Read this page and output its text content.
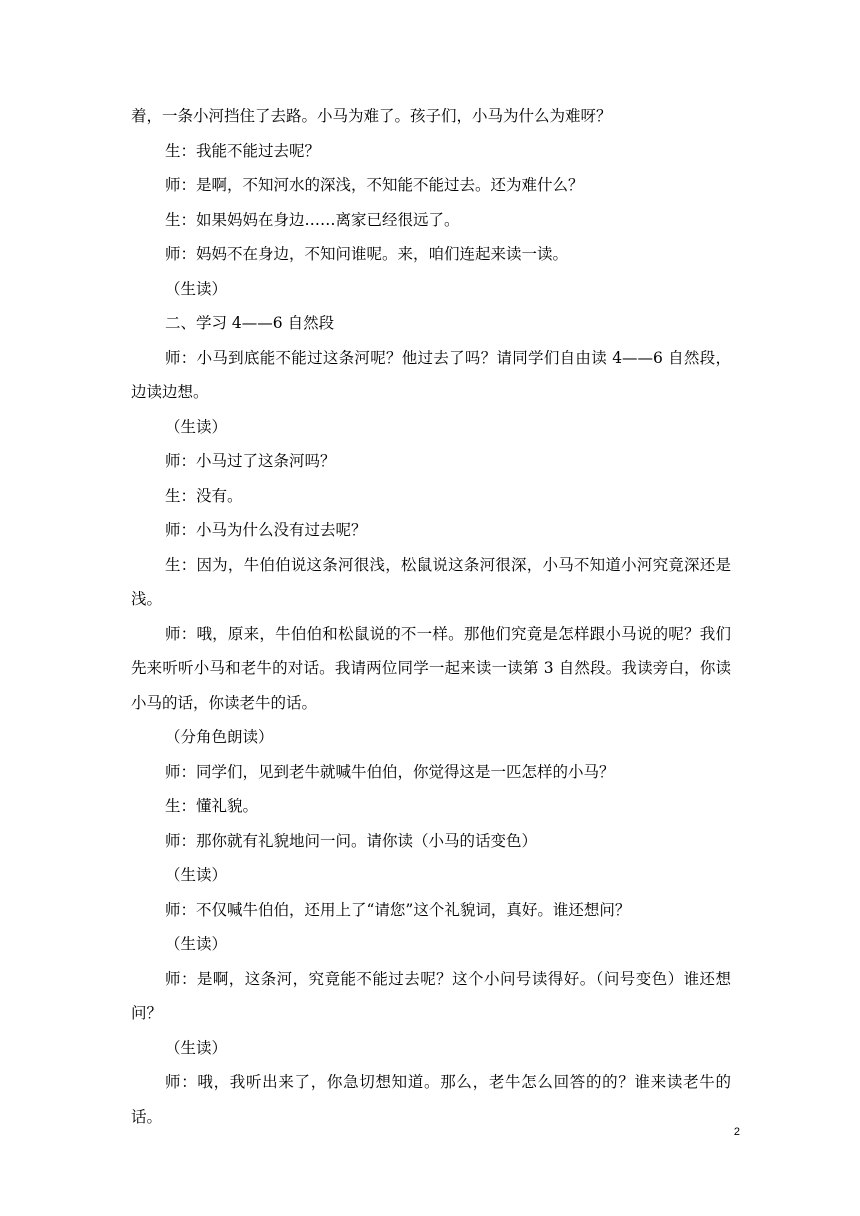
着，一条小河挡住了去路。小马为难了。孩子们，小马为什么为难呀？

生：我能不能过去呢？

师：是啊，不知河水的深浅，不知能不能过去。还为难什么？

生：如果妈妈在身边……离家已经很远了。

师：妈妈不在身边，不知问谁呢。来，咱们连起来读一读。

（生读）

二、学习 4——6 自然段

师：小马到底能不能过这条河呢？他过去了吗？请同学们自由读 4——6 自然段，边读边想。

（生读）

师：小马过了这条河吗？

生：没有。

师：小马为什么没有过去呢？

生：因为，牛伯伯说这条河很浅，松鼠说这条河很深，小马不知道小河究竟深还是浅。

师：哦，原来，牛伯伯和松鼠说的不一样。那他们究竟是怎样跟小马说的呢？我们先来听听小马和老牛的对话。我请两位同学一起来读一读第 3 自然段。我读旁白，你读小马的话，你读老牛的话。

（分角色朗读）

师：同学们，见到老牛就喊牛伯伯，你觉得这是一匹怎样的小马？

生：懂礼貌。

师：那你就有礼貌地问一问。请你读（小马的话变色）

（生读）

师：不仅喊牛伯伯，还用上了“请您”这个礼貌词，真好。谁还想问？

（生读）

师：是啊，这条河，究竟能不能过去呢？这个小问号读得好。（问号变色）谁还想问？

（生读）

师：哦，我听出来了，你急切想知道。那么，老牛怎么回答的的？谁来读老牛的话。

2
